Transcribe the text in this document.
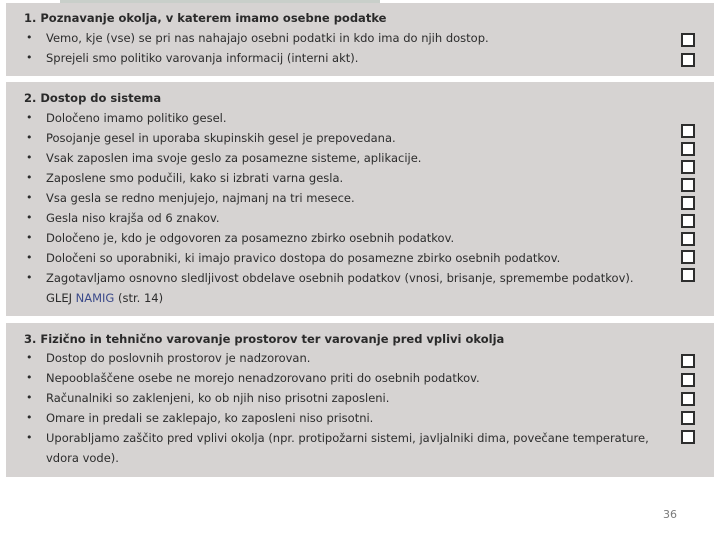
1. Poznavanje okolja, v katerem imamo osebne podatke
•	Vemo, kje (vse) se pri nas nahajajo osebni podatki in kdo ima do njih dostop.
•	Sprejeli smo politiko varovanja informacij (interni akt).
2. Dostop do sistema
•	Določeno imamo politiko gesel.
•	Posojanje gesel in uporaba skupinskih gesel je prepovedana.
•	Vsak zaposlen ima svoje geslo za posamezne sisteme, aplikacije.
•	Zaposlene smo podučili, kako si izbrati varna gesla.
•	Vsa gesla se redno menjujejo, najmanj na tri mesece.
•	Gesla niso krajša od 6 znakov.
•	Določeno je, kdo je odgovoren za posamezno zbirko osebnih podatkov.
•	Določeni so uporabniki, ki imajo pravico dostopa do posamezne zbirko osebnih podatkov.
•	Zagotavljamo osnovno sledljivost obdelave osebnih podatkov (vnosi, brisanje, spremembe podatkov).
GLEJ NAMIG (str. 14)
3. Fizično in tehnično varovanje prostorov ter varovanje pred vplivi okolja
•	Dostop do poslovnih prostorov je nadzorovan.
•	Nepooblaščene osebe ne morejo nenadzorovano priti do osebnih podatkov.
•	Računalniki so zaklenjeni, ko ob njih niso prisotni zaposleni.
•	Omare in predali se zaklepajo, ko zaposleni niso prisotni.
•	Uporabljamo zaščito pred vplivi okolja (npr. protipožarni sistemi, javljalniki dima, povečane temperature, vdora vode).
36
